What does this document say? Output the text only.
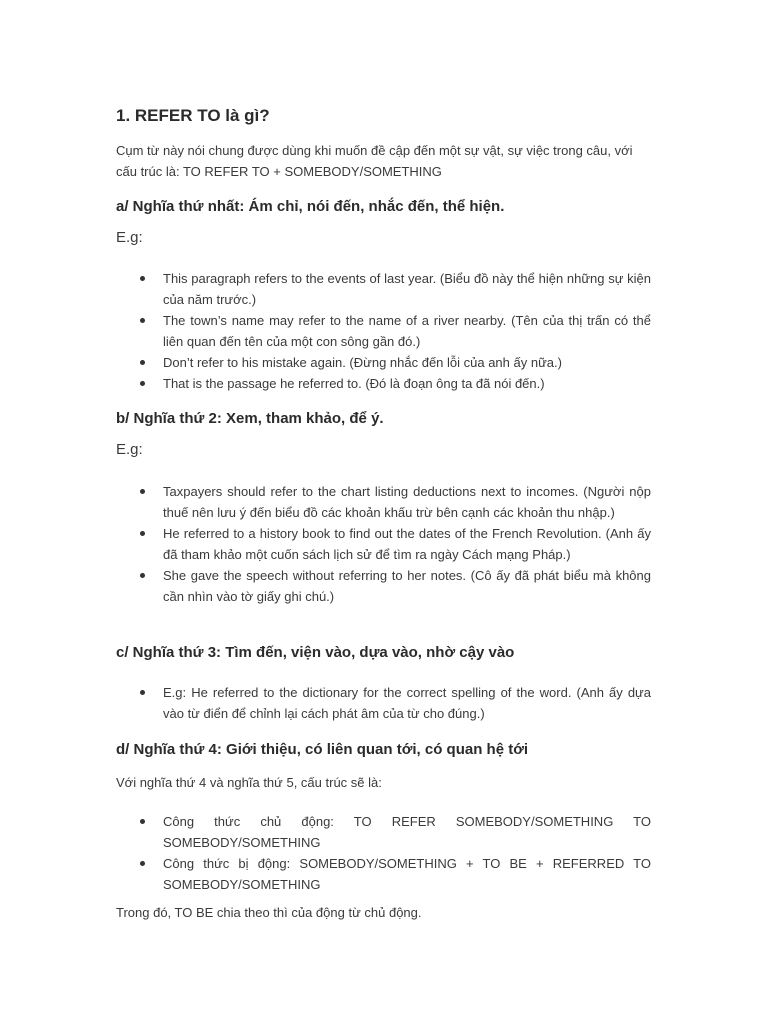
1. REFER TO là gì?

Cụm từ này nói chung được dùng khi muốn đề cập đến một sự vật, sự việc trong câu, với cấu trúc là: TO REFER TO + SOMEBODY/SOMETHING

a/ Nghĩa thứ nhất: Ám chỉ, nói đến, nhắc đến, thể hiện.

E.g:

This paragraph refers to the events of last year. (Biểu đồ này thể hiện những sự kiện của năm trước.)
The town’s name may refer to the name of a river nearby. (Tên của thị trấn có thể liên quan đến tên của một con sông gần đó.)
Don’t refer to his mistake again. (Đừng nhắc đến lỗi của anh ấy nữa.)
That is the passage he referred to. (Đó là đoạn ông ta đã nói đến.)
b/ Nghĩa thứ 2: Xem, tham khảo, để ý.

E.g:

Taxpayers should refer to the chart listing deductions next to incomes. (Người nộp thuế nên lưu ý đến biểu đồ các khoản khấu trừ bên cạnh các khoản thu nhập.)
He referred to a history book to find out the dates of the French Revolution. (Anh ấy đã tham khảo một cuốn sách lịch sử để tìm ra ngày Cách mạng Pháp.)
She gave the speech without referring to her notes. (Cô ấy đã phát biểu mà không cần nhìn vào tờ giấy ghi chú.)
c/ Nghĩa thứ 3: Tìm đến, viện vào, dựa vào, nhờ cậy vào
E.g: He referred to the dictionary for the correct spelling of the word. (Anh ấy dựa vào từ điển để chỉnh lại cách phát âm của từ cho đúng.)
d/ Nghĩa thứ 4: Giới thiệu, có liên quan tới, có quan hệ tới

Với nghĩa thứ 4 và nghĩa thứ 5, cấu trúc sẽ là:

Công thức chủ động: TO REFER SOMEBODY/SOMETHING TO SOMEBODY/SOMETHING
Công thức bị động: SOMEBODY/SOMETHING + TO BE + REFERRED TO SOMEBODY/SOMETHING

Trong đó, TO BE chia theo thì của động từ chủ động.
